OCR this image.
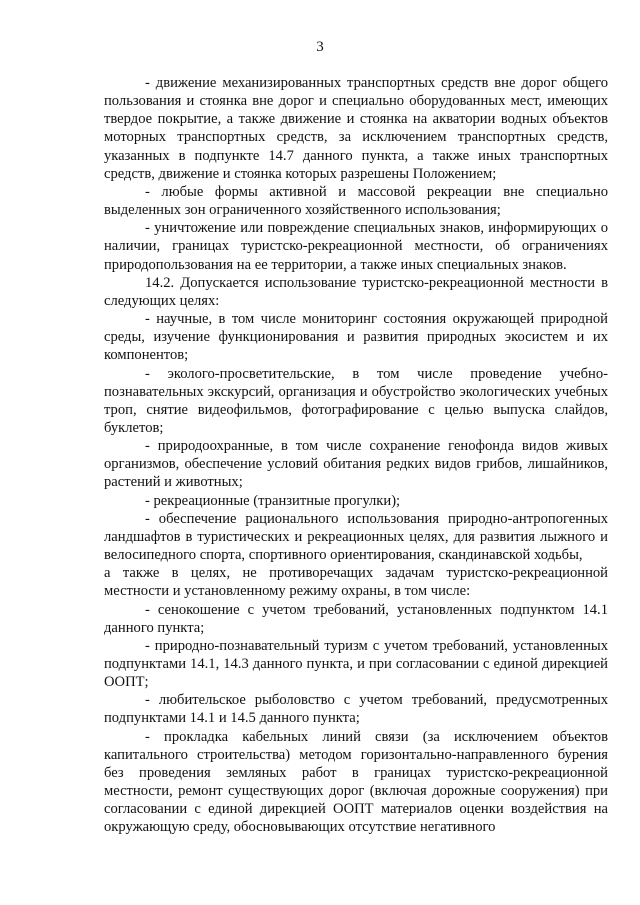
3

- движение механизированных транспортных средств вне дорог общего пользования и стоянка вне дорог и специально оборудованных мест, имеющих твердое покрытие, а также движение и стоянка на акватории водных объектов моторных транспортных средств, за исключением транспортных средств, указанных в подпункте 14.7 данного пункта, а также иных транспортных средств, движение и стоянка которых разрешены Положением;

- любые формы активной и массовой рекреации вне специально выделенных зон ограниченного хозяйственного использования;

- уничтожение или повреждение специальных знаков, информирующих о наличии, границах туристско-рекреационной местности, об ограничениях природопользования на ее территории, а также иных специальных знаков.

14.2. Допускается использование туристско-рекреационной местности в следующих целях:

- научные, в том числе мониторинг состояния окружающей природной среды, изучение функционирования и развития природных экосистем и их компонентов;

- эколого-просветительские, в том числе проведение учебно-познавательных экскурсий, организация и обустройство экологических учебных троп, снятие видеофильмов, фотографирование с целью выпуска слайдов, буклетов;

- природоохранные, в том числе сохранение генофонда видов живых организмов, обеспечение условий обитания редких видов грибов, лишайников, растений и животных;

- рекреационные (транзитные прогулки);

- обеспечение рационального использования природно-антропогенных ландшафтов в туристических и рекреационных целях, для развития лыжного и велосипедного спорта, спортивного ориентирования, скандинавской ходьбы,

а также в целях, не противоречащих задачам туристско-рекреационной местности и установленному режиму охраны, в том числе:

- сенокошение с учетом требований, установленных подпунктом 14.1 данного пункта;

- природно-познавательный туризм с учетом требований, установленных подпунктами 14.1, 14.3 данного пункта, и при согласовании с единой дирекцией ООПТ;

- любительское рыболовство с учетом требований, предусмотренных подпунктами 14.1 и 14.5 данного пункта;

- прокладка кабельных линий связи (за исключением объектов капитального строительства) методом горизонтально-направленного бурения без проведения земляных работ в границах туристско-рекреационной местности, ремонт существующих дорог (включая дорожные сооружения) при согласовании с единой дирекцией ООПТ материалов оценки воздействия на окружающую среду, обосновывающих отсутствие негативного
